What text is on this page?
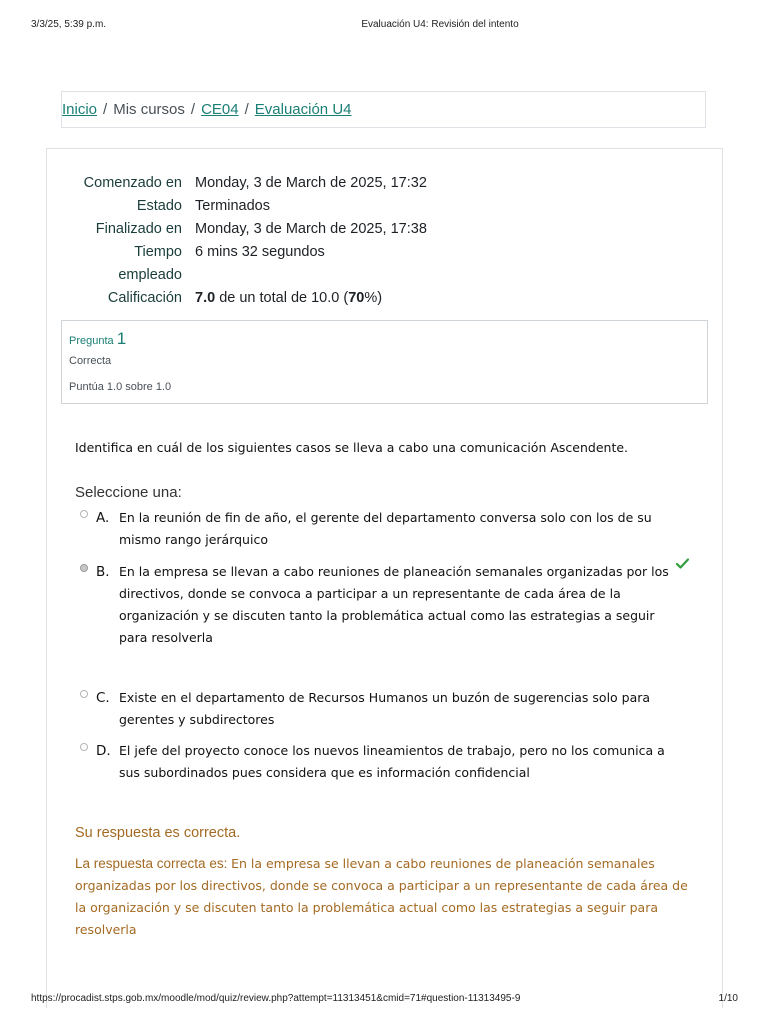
3/3/25, 5:39 p.m.	Evaluación U4: Revisión del intento
Inicio / Mis cursos / CE04 / Evaluación U4
Comenzado en Monday, 3 de March de 2025, 17:32
Estado Terminados
Finalizado en Monday, 3 de March de 2025, 17:38
Tiempo
empleado
6 mins 32 segundos
Calificación 7.0 de un total de 10.0 (70%)
Pregunta 1
Correcta
Puntúa 1.0 sobre 1.0
Identifica en cuál de los siguientes casos se lleva a cabo una comunicación Ascendente.
Seleccione una:
A. En la reunión de fin de año, el gerente del departamento conversa solo con los de su mismo rango jerárquico
B. En la empresa se llevan a cabo reuniones de planeación semanales organizadas por los directivos, donde se convoca a participar a un representante de cada área de la organización y se discuten tanto la problemática actual como las estrategias a seguir para resolverla
C. Existe en el departamento de Recursos Humanos un buzón de sugerencias solo para gerentes y subdirectores
D. El jefe del proyecto conoce los nuevos lineamientos de trabajo, pero no los comunica a sus subordinados pues considera que es información confidencial
Su respuesta es correcta.
La respuesta correcta es: En la empresa se llevan a cabo reuniones de planeación semanales organizadas por los directivos, donde se convoca a participar a un representante de cada área de la organización y se discuten tanto la problemática actual como las estrategias a seguir para resolverla
https://procadist.stps.gob.mx/moodle/mod/quiz/review.php?attempt=11313451&cmid=71#question-11313495-9	1/10
